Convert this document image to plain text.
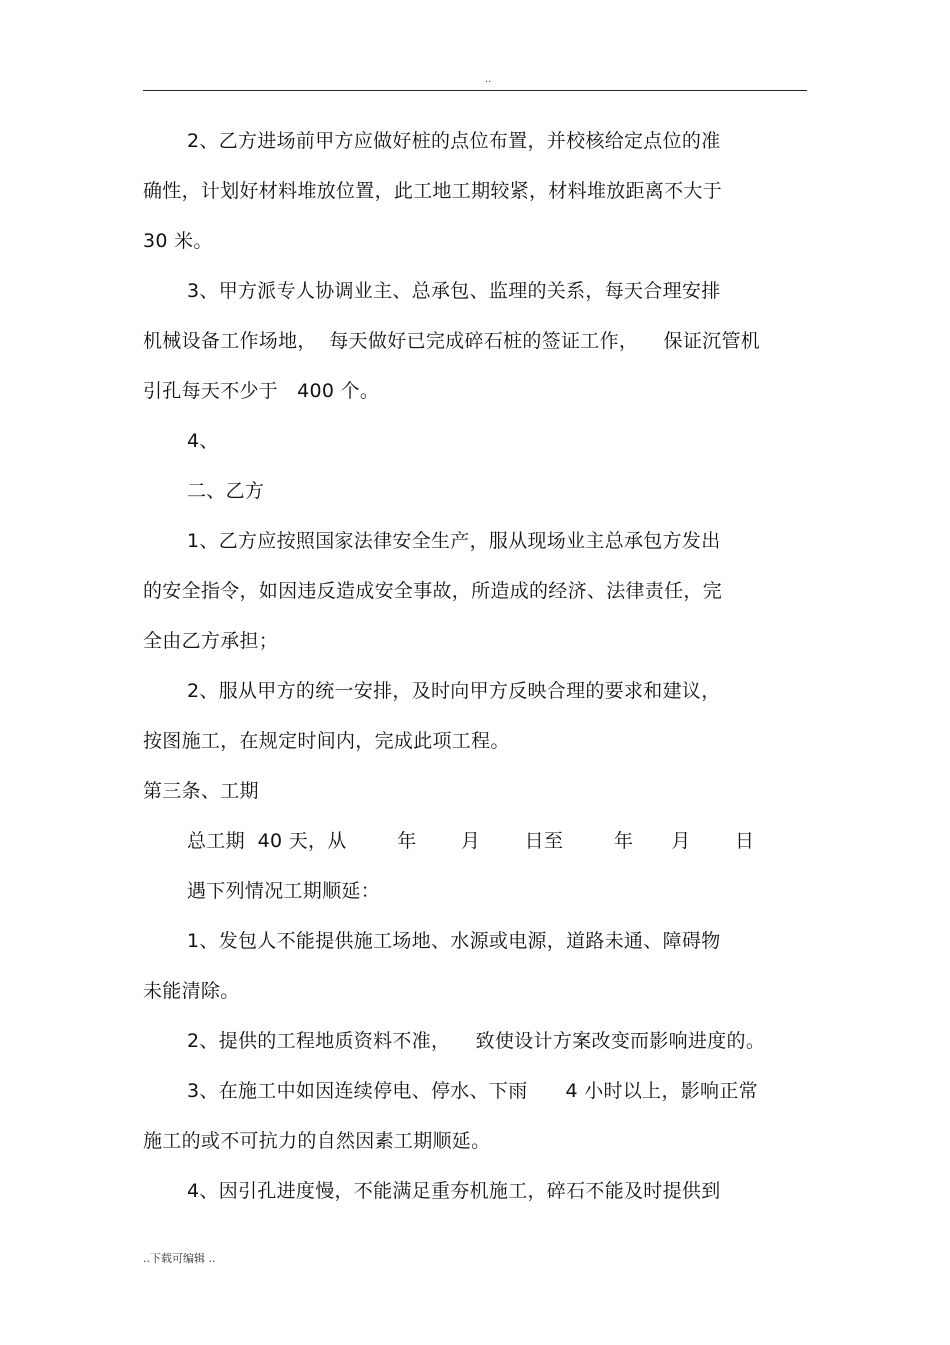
..
2、乙方进场前甲方应做好桩的点位布置，并校核给定点位的准
确性，计划好材料堆放位置，此工地工期较紧，材料堆放距离不大于
30 米。
3、甲方派专人协调业主、总承包、监理的关系，每天合理安排
机械设备工作场地，  每天做好已完成碎石桩的签证工作，    保证沉管机
引孔每天不少于   400 个。
4、
二、乙方
1、乙方应按照国家法律安全生产，服从现场业主总承包方发出
的安全指令，如因违反造成安全事故，所造成的经济、法律责任，完
全由乙方承担；
2、服从甲方的统一安排，及时向甲方反映合理的要求和建议，
按图施工，在规定时间内，完成此项工程。
第三条、工期
总工期  40 天，从        年       月       日至        年      月       日
遇下列情况工期顺延：
1、发包人不能提供施工场地、水源或电源，道路未通、障碍物
未能清除。
2、提供的工程地质资料不准，    致使设计方案改变而影响进度的。
3、在施工中如因连续停电、停水、下雨      4 小时以上，影响正常
施工的或不可抗力的自然因素工期顺延。
4、因引孔进度慢，不能满足重夯机施工，碎石不能及时提供到
..下载可编辑 ..
